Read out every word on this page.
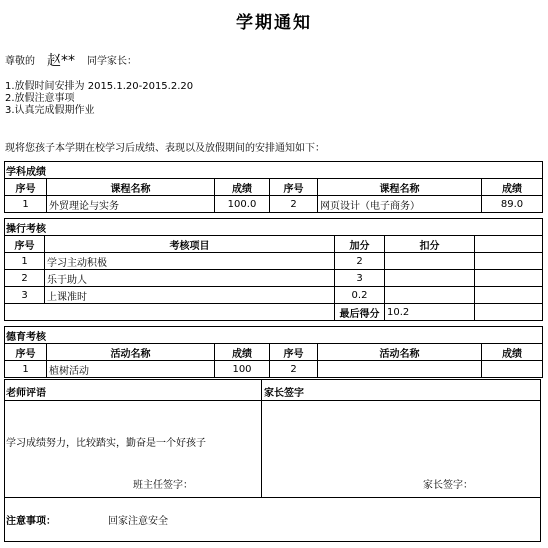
学期通知
尊敬的 赵** 同学家长：
1.放假时间安排为 2015.1.20-2015.2.20
2.放假注意事项
3.认真完成假期作业
现将您孩子本学期在校学习后成绩、表现以及放假期间的安排通知如下：
学科成绩					
序号	课程名称	成绩	序号	课程名称	成绩
1	外贸理论与实务	100.0	2	网页设计（电子商务）	89.0
操行考核				
序号	考核项目	加分	扣分	
1	学习主动积极	2		
2	乐于助人	3		
3	上课准时	0.2		
		最后得分	10.2	
德育考核					
序号	活动名称	成绩	序号	活动名称	成绩
1	植树活动	100	2		
老师评语	家长签字
学习成绩努力，比较踏实，勤奋是一个好孩子
班主任签字：	家长签字：
注意事项：	回家注意安全
